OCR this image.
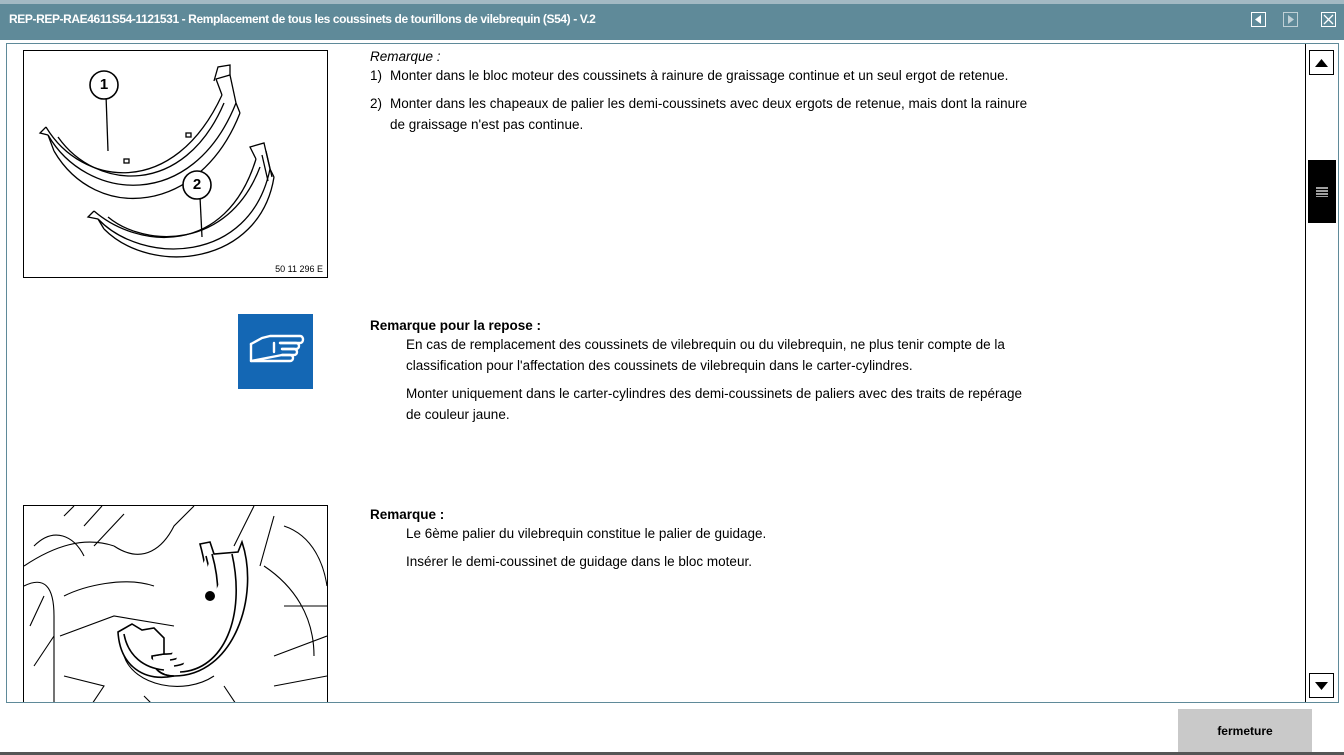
REP-REP-RAE4611S54-1121531 - Remplacement de tous les coussinets de tourillons de vilebrequin (S54) - V.2
1
2
50 11 296 E
Remarque :
1) Monter dans le bloc moteur des coussinets à rainure de graissage continue et un seul ergot de retenue.
2) Monter dans les chapeaux de palier les demi-coussinets avec deux ergots de retenue, mais dont la rainure de graissage n'est pas continue.
Remarque pour la repose :
En cas de remplacement des coussinets de vilebrequin ou du vilebrequin, ne plus tenir compte de la classification pour l'affectation des coussinets de vilebrequin dans le carter-cylindres.
Monter uniquement dans le carter-cylindres des demi-coussinets de paliers avec des traits de repérage de couleur jaune.
Remarque :
Le 6ème palier du vilebrequin constitue le palier de guidage.
Insérer le demi-coussinet de guidage dans le bloc moteur.
fermeture
